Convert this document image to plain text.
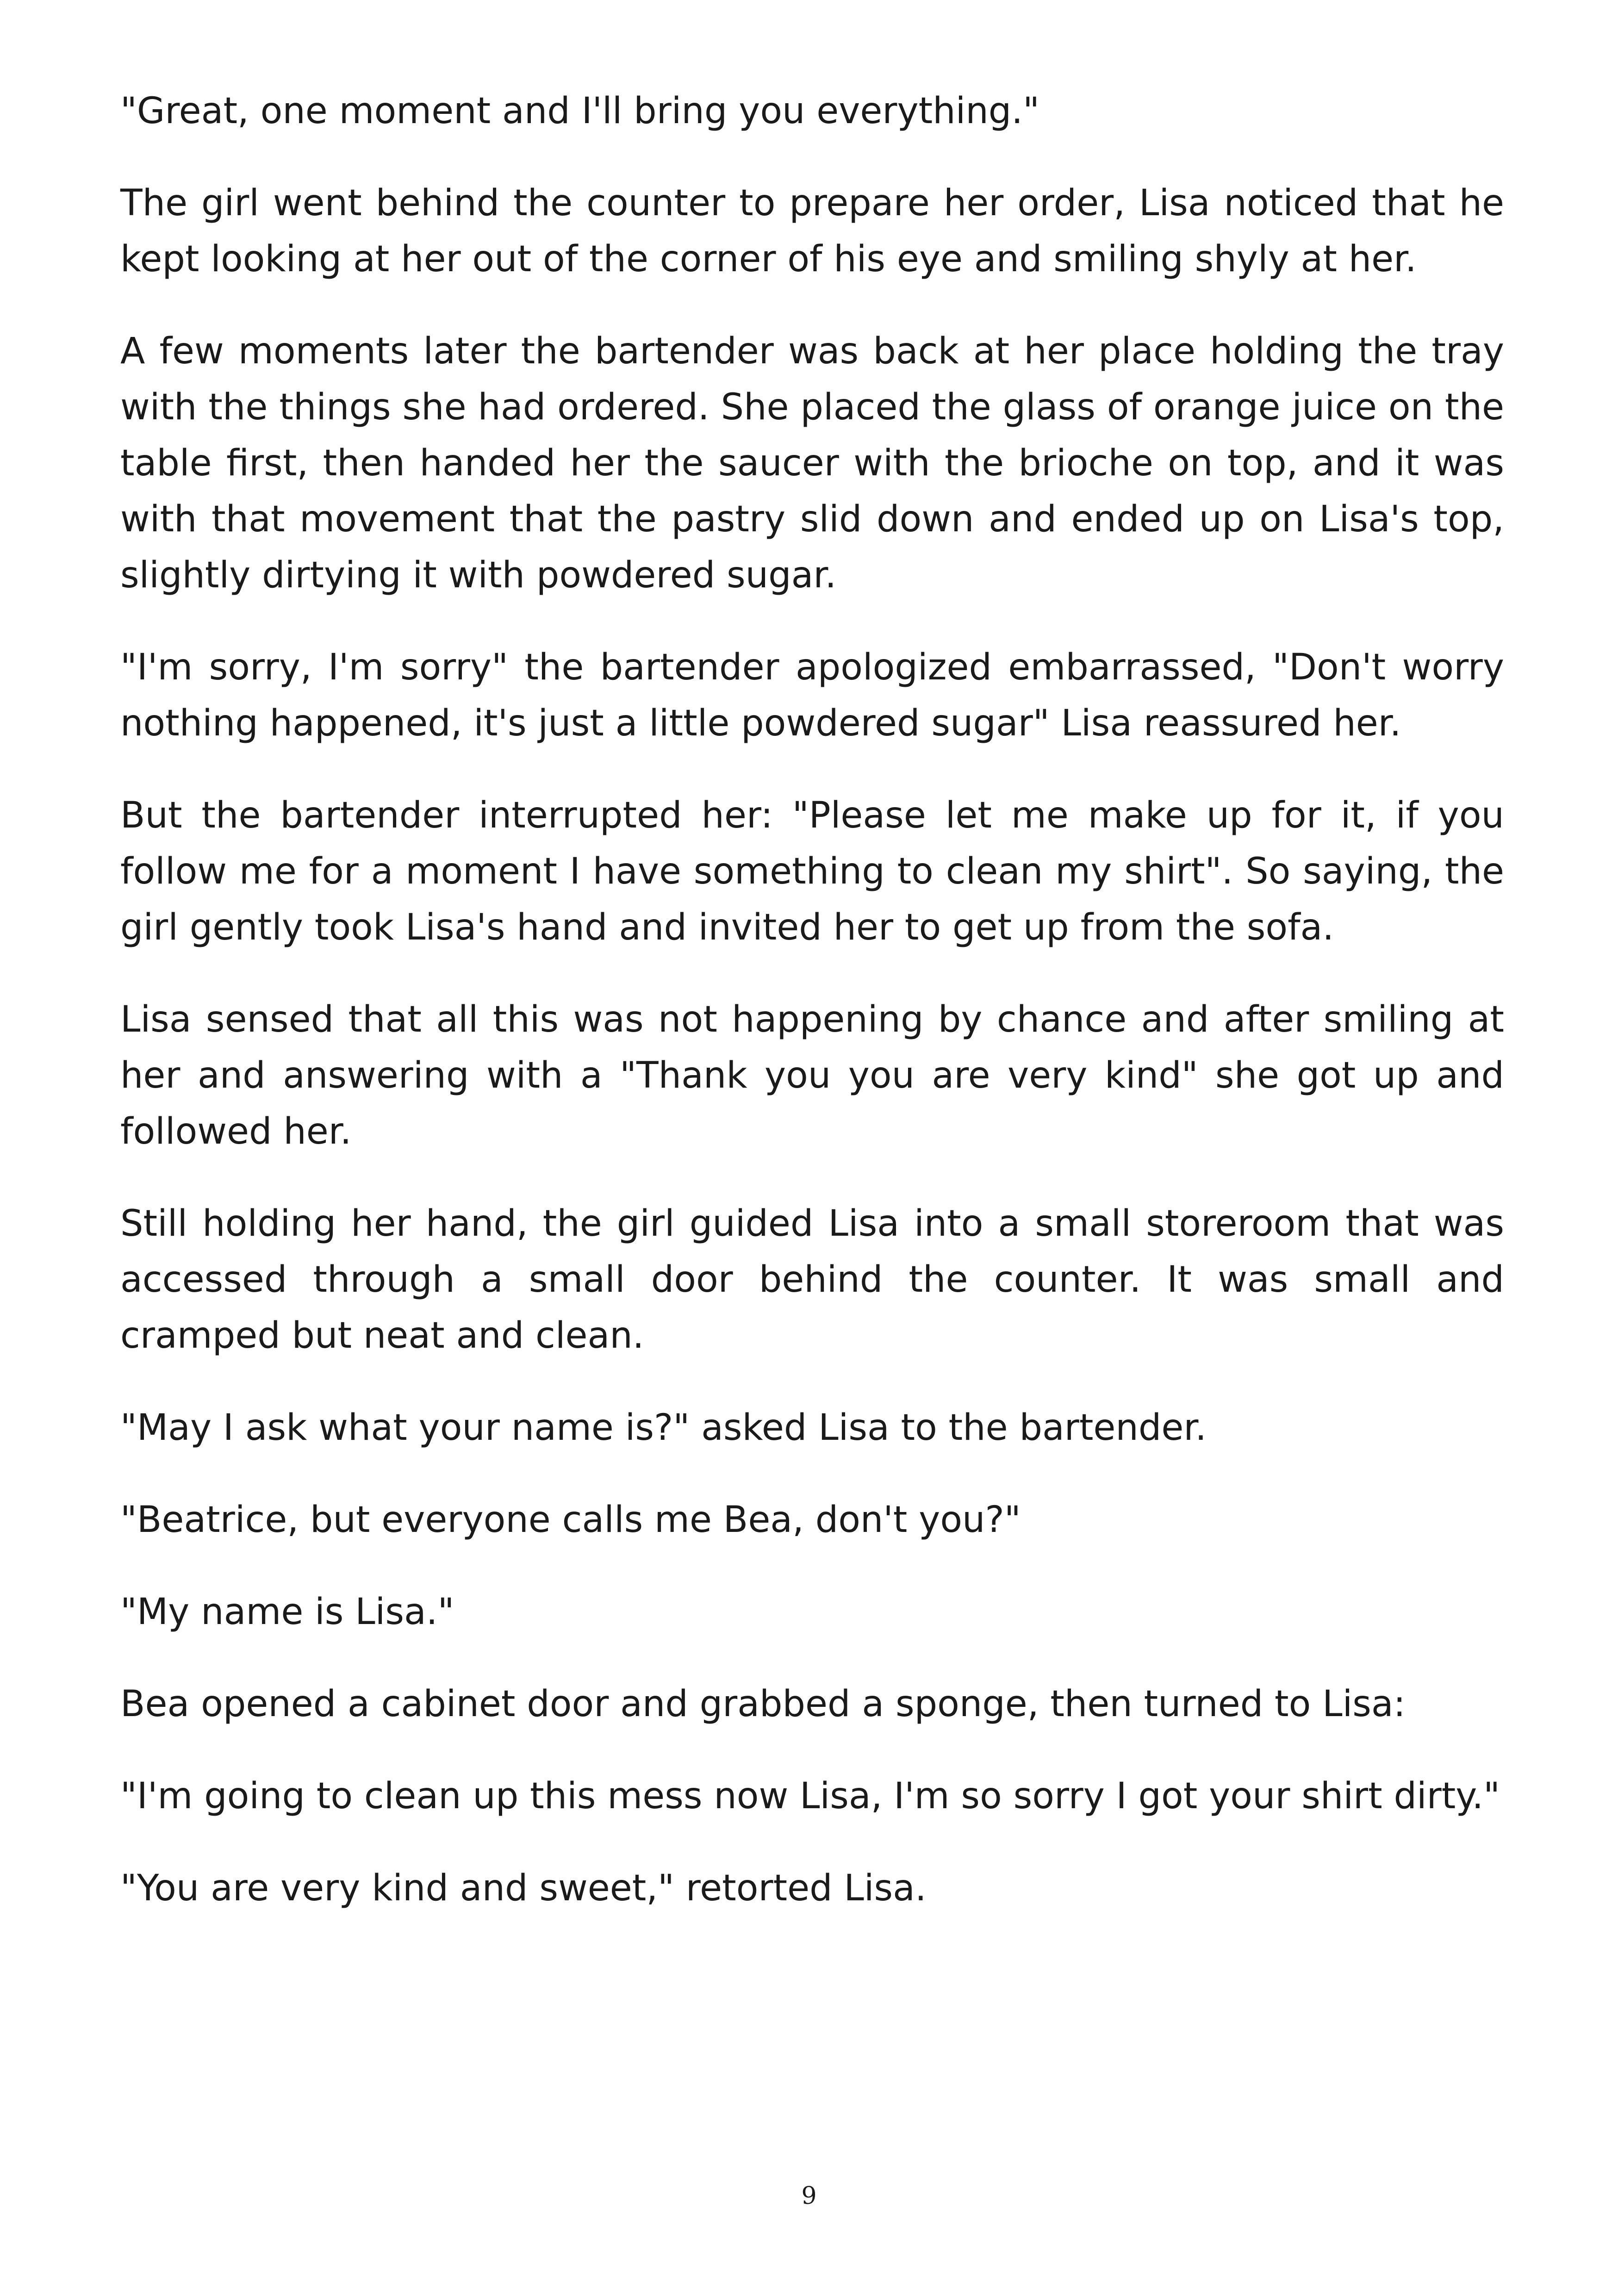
"Great, one moment and I'll bring you everything."

The girl went behind the counter to prepare her order, Lisa noticed that he kept looking at her out of the corner of his eye and smiling shyly at her.

A few moments later the bartender was back at her place holding the tray with the things she had ordered. She placed the glass of orange juice on the table first, then handed her the saucer with the brioche on top, and it was with that movement that the pastry slid down and ended up on Lisa's top, slightly dirtying it with powdered sugar.

"I'm sorry, I'm sorry" the bartender apologized embarrassed, "Don't worry nothing happened, it's just a little powdered sugar" Lisa reassured her.

But the bartender interrupted her: "Please let me make up for it, if you follow me for a moment I have something to clean my shirt". So saying, the girl gently took Lisa's hand and invited her to get up from the sofa.

Lisa sensed that all this was not happening by chance and after smiling at her and answering with a "Thank you you are very kind" she got up and followed her.

Still holding her hand, the girl guided Lisa into a small storeroom that was accessed through a small door behind the counter. It was small and cramped but neat and clean.

"May I ask what your name is?" asked Lisa to the bartender.

"Beatrice, but everyone calls me Bea, don't you?"

"My name is Lisa."

Bea opened a cabinet door and grabbed a sponge, then turned to Lisa:

"I'm going to clean up this mess now Lisa, I'm so sorry I got your shirt dirty."

"You are very kind and sweet," retorted Lisa.

9
